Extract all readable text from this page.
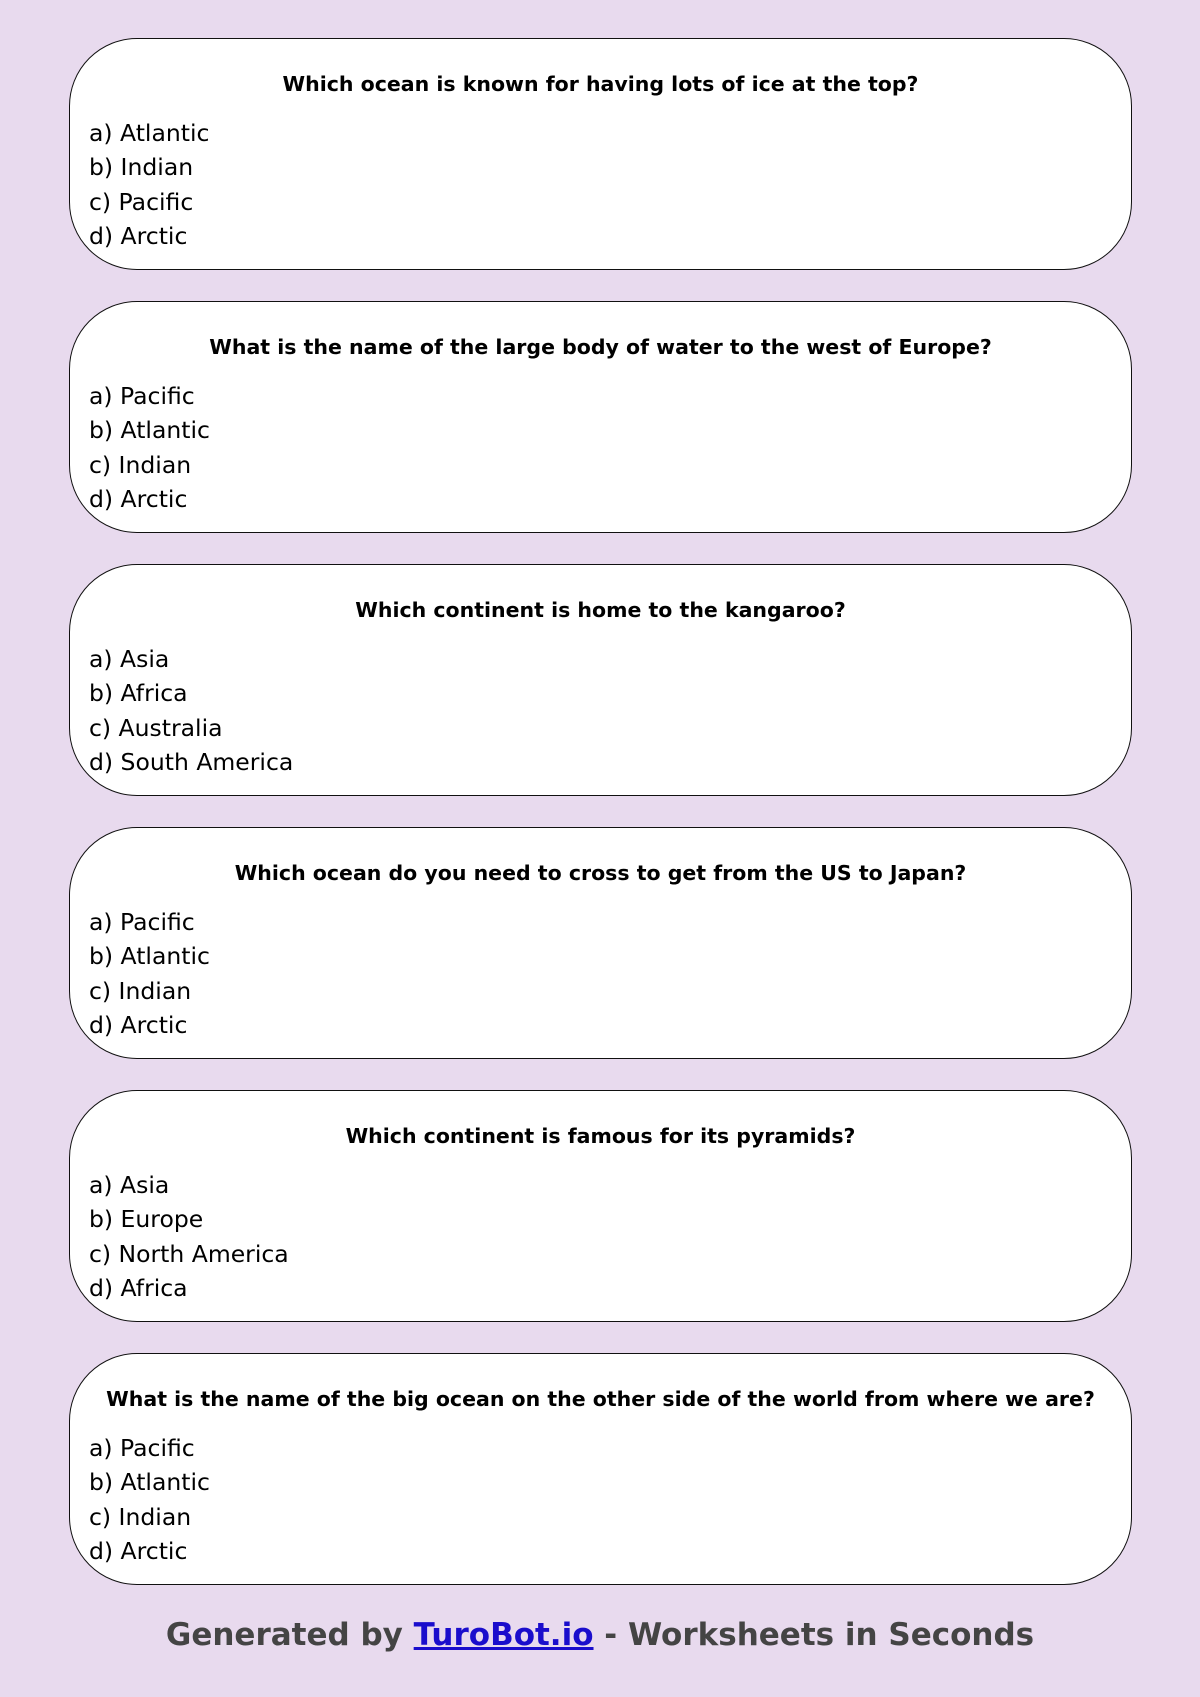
Which ocean is known for having lots of ice at the top?
a) Atlantic
b) Indian
c) Pacific
d) Arctic
What is the name of the large body of water to the west of Europe?
a) Pacific
b) Atlantic
c) Indian
d) Arctic
Which continent is home to the kangaroo?
a) Asia
b) Africa
c) Australia
d) South America
Which ocean do you need to cross to get from the US to Japan?
a) Pacific
b) Atlantic
c) Indian
d) Arctic
Which continent is famous for its pyramids?
a) Asia
b) Europe
c) North America
d) Africa
What is the name of the big ocean on the other side of the world from where we are?
a) Pacific
b) Atlantic
c) Indian
d) Arctic
Generated by TuroBot.io - Worksheets in Seconds
